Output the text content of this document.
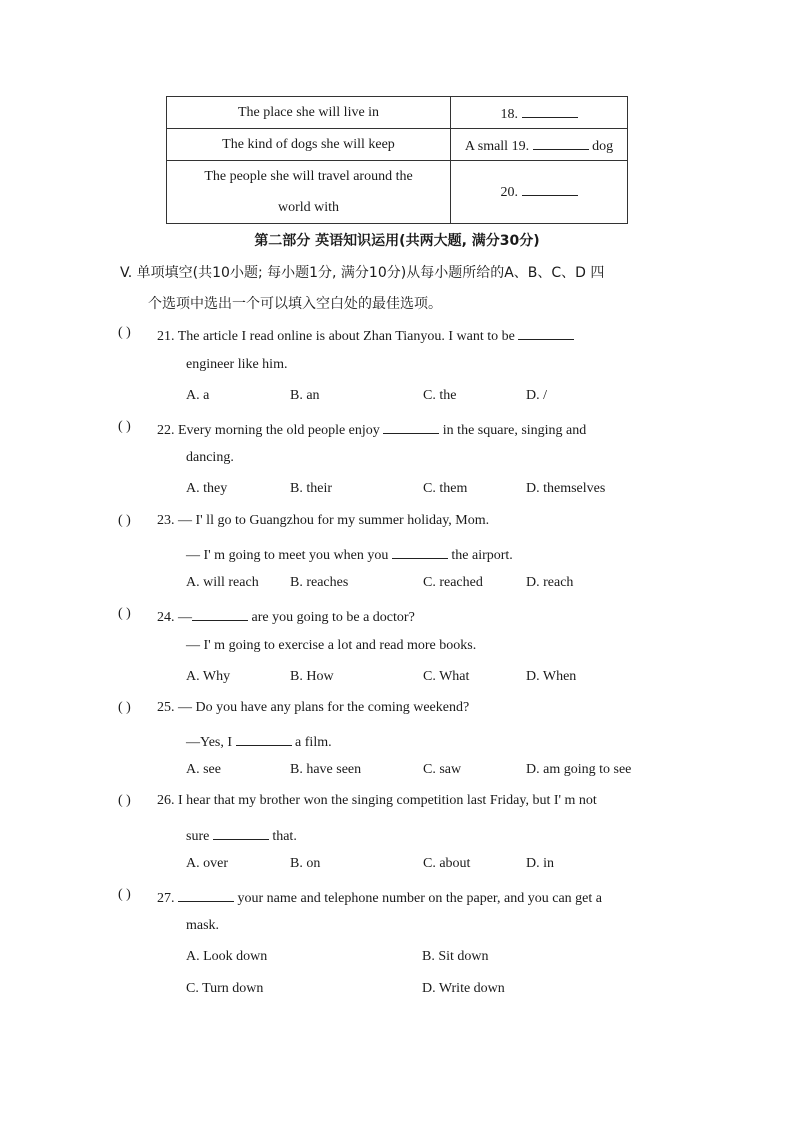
The place she will live in	18.
The kind of dogs she will keep	A small 19. dog
The people she will travel around the
world with	20.
第二部分 英语知识运用(共两大题, 满分30分)
V. 单项填空(共10小题; 每小题1分, 满分10分)从每小题所给的A、B、C、D 四
个选项中选出一个可以填入空白处的最佳选项。
( ) 21. The article I read online is about Zhan Tianyou. I want to be
engineer like him.
A. a	B. an	C. the	D. /
( ) 22. Every morning the old people enjoy	in the square, singing and
dancing.
A. they	B. their	C. them	D. themselves
( ) 23. — I' ll go to Guangzhou for my summer holiday, Mom.
— I' m going to meet you when you	the airport.
A. will reach B. reaches	C. reached	D. reach
( ) 24. —	are you going to be a doctor?
— I' m going to exercise a lot and read more books.
A. Why	B. How	C. What	D. When
( ) 25. — Do you have any plans for the coming weekend?
—Yes, I	a film.
A. see	B. have seen	C. saw	D. am going to see
( ) 26. I hear that my brother won the singing competition last Friday, but I' m not
sure	that.
A. over	B. on	C. about	D. in
( ) 27.	your name and telephone number on the paper, and you can get a
mask.
A. Look down	B. Sit down
C. Turn down	D. Write down
